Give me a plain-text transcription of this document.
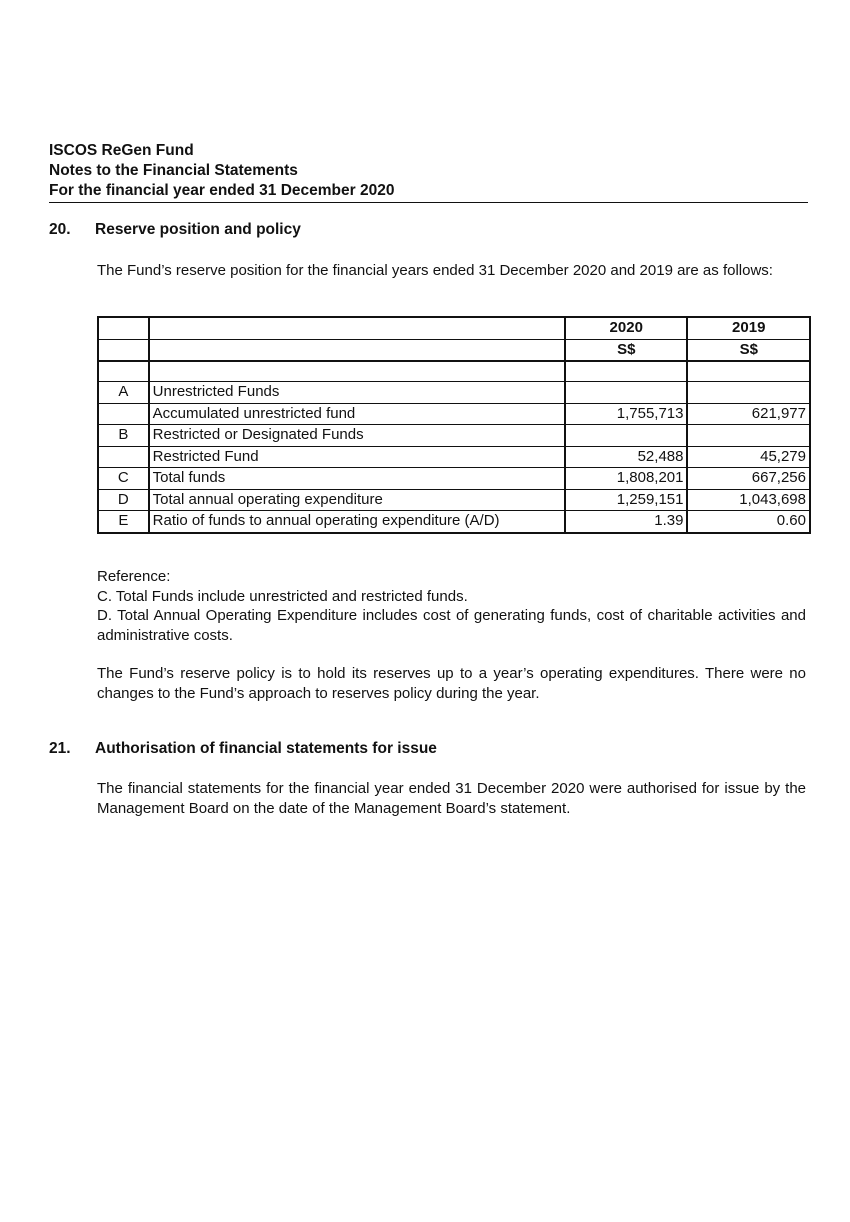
ISCOS ReGen Fund
Notes to the Financial Statements
For the financial year ended 31 December 2020
20. Reserve position and policy
The Fund’s reserve position for the financial years ended 31 December 2020 and 2019 are as follows:
		2020	2019
		S$	S$

A	Unrestricted Funds		
	Accumulated unrestricted fund	1,755,713	621,977
B	Restricted or Designated Funds		
	Restricted Fund	52,488	45,279
C	Total funds	1,808,201	667,256
D	Total annual operating expenditure	1,259,151	1,043,698
E	Ratio of funds to annual operating expenditure (A/D)	1.39	0.60
Reference:
C. Total Funds include unrestricted and restricted funds.
D. Total Annual Operating Expenditure includes cost of generating funds, cost of charitable activities and administrative costs.
The Fund’s reserve policy is to hold its reserves up to a year’s operating expenditures. There were no changes to the Fund’s approach to reserves policy during the year.
21. Authorisation of financial statements for issue
The financial statements for the financial year ended 31 December 2020 were authorised for issue by the Management Board on the date of the Management Board’s statement.
